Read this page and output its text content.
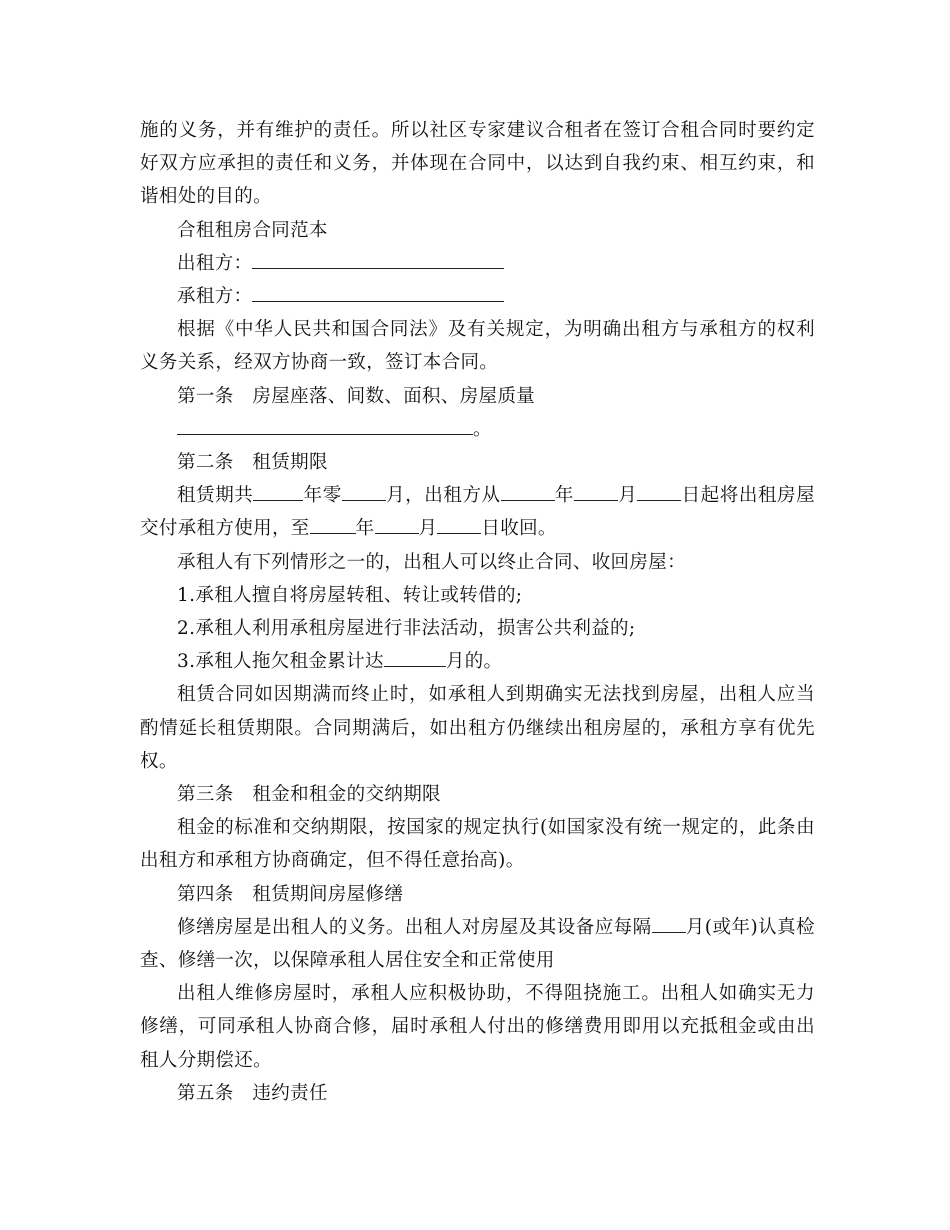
施的义务，并有维护的责任。所以社区专家建议合租者在签订合租合同时要约定好双方应承担的责任和义务，并体现在合同中，以达到自我约束、相互约束，和谐相处的目的。

合租租房合同范本

出租方：

承租方：

根据《中华人民共和国合同法》及有关规定，为明确出租方与承租方的权利义务关系，经双方协商一致，签订本合同。

第一条　房屋座落、间数、面积、房屋质量

。

第二条　租赁期限

租赁期共	年零 月，出租方从	年 月 日起将出租房屋交付承租方使用，至 年 月 日收回。

承租人有下列情形之一的，出租人可以终止合同、收回房屋：

1.承租人擅自将房屋转租、转让或转借的;

2.承租人利用承租房屋进行非法活动，损害公共利益的;

3.承租人拖欠租金累计达	月的。

租赁合同如因期满而终止时，如承租人到期确实无法找到房屋，出租人应当酌情延长租赁期限。合同期满后，如出租方仍继续出租房屋的，承租方享有优先权。

第三条　租金和租金的交纳期限

租金的标准和交纳期限，按国家的规定执行(如国家没有统一规定的，此条由出租方和承租方协商确定，但不得任意抬高)。

第四条　租赁期间房屋修缮

修缮房屋是出租人的义务。出租人对房屋及其设备应每隔 月(或年)认真检查、修缮一次，以保障承租人居住安全和正常使用

出租人维修房屋时，承租人应积极协助，不得阻挠施工。出租人如确实无力修缮，可同承租人协商合修，届时承租人付出的修缮费用即用以充抵租金或由出租人分期偿还。

第五条　违约责任
